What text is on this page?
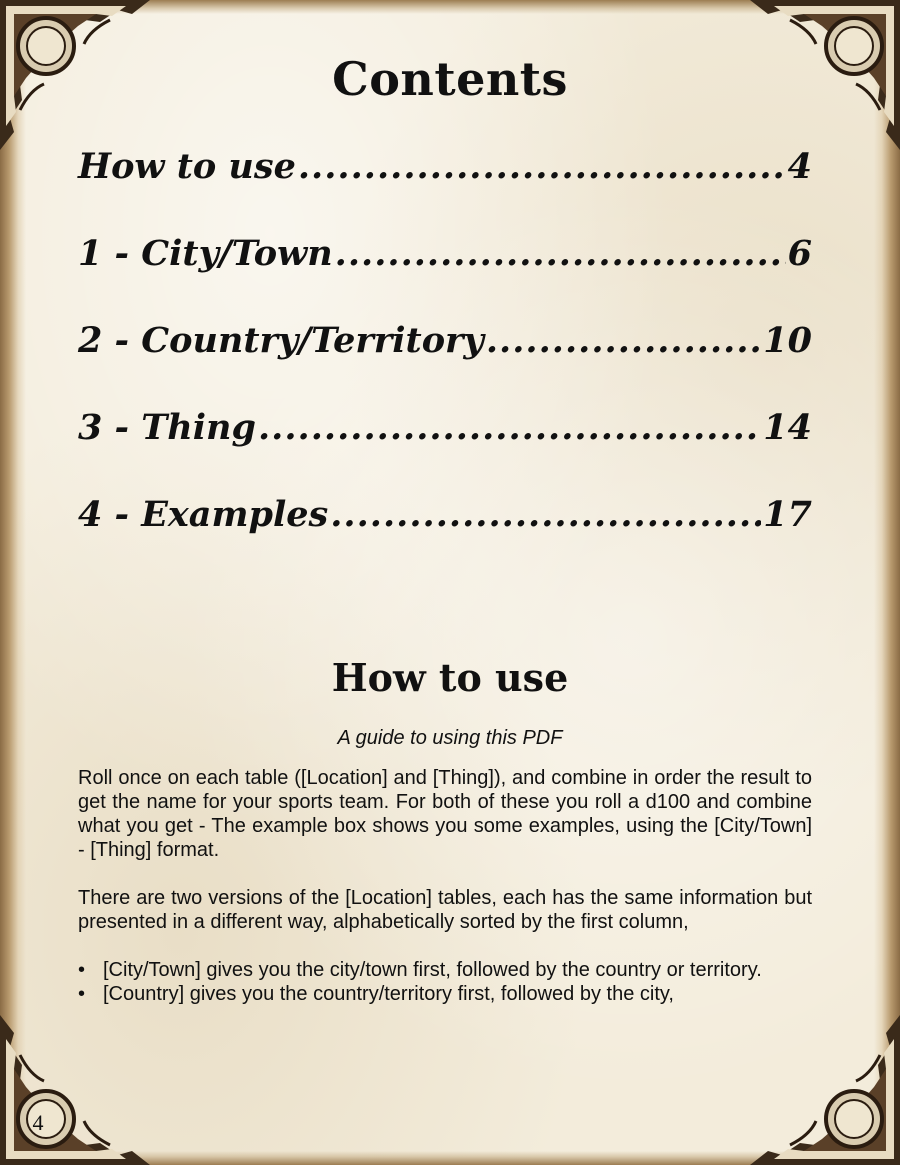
Contents
How to use .....	4
1 - City/Town .....	6
2 - Country/Territory .....	10
3 - Thing .....	14
4 - Examples .....	17
How to use
A guide to using this PDF

Roll once on each table ([Location] and [Thing]), and combine in order the result to get the name for your sports team. For both of these you roll a d100 and combine what you get - The example box shows you some examples, using the [City/Town] - [Thing] format.

There are two versions of the [Location] tables, each has the same information but presented in a different way, alphabetically sorted by the first column,

• [City/Town] gives you the city/town first, followed by the country or territory.
• [Country] gives you the country/territory first, followed by the city,
4
